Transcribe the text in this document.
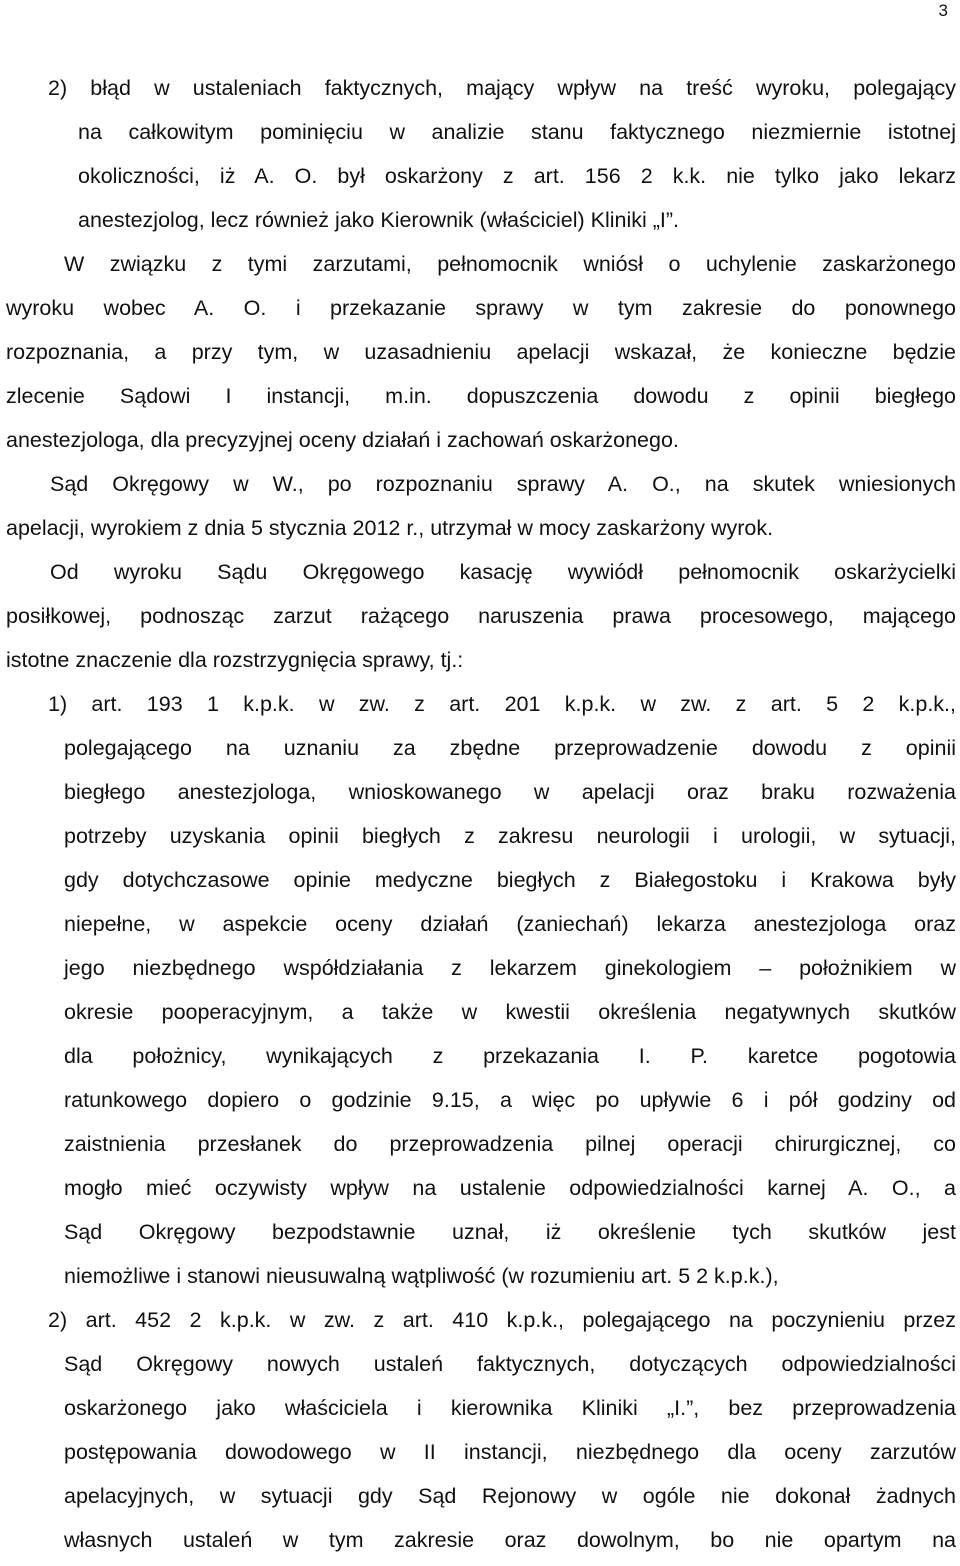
3
2) błąd w ustaleniach faktycznych, mający wpływ na treść wyroku, polegający
na całkowitym pominięciu w analizie stanu faktycznego niezmiernie istotnej
okoliczności, iż A. O. był oskarżony z art. 156 2 k.k. nie tylko jako lekarz
anestezjolog, lecz również jako Kierownik (właściciel) Kliniki „I”.
W związku z tymi zarzutami, pełnomocnik wniósł o uchylenie zaskarżonego
wyroku wobec A. O. i przekazanie sprawy w tym zakresie do ponownego
rozpoznania, a przy tym, w uzasadnieniu apelacji wskazał, że konieczne będzie
zlecenie Sądowi I instancji, m.in. dopuszczenia dowodu z opinii biegłego
anestezjologa, dla precyzyjnej oceny działań i zachowań oskarżonego.
Sąd Okręgowy w W., po rozpoznaniu sprawy A. O., na skutek wniesionych
apelacji, wyrokiem z dnia 5 stycznia 2012 r., utrzymał w mocy zaskarżony wyrok.
Od wyroku Sądu Okręgowego kasację wywiódł pełnomocnik oskarżycielki
posiłkowej, podnosząc zarzut rażącego naruszenia prawa procesowego, mającego
istotne znaczenie dla rozstrzygnięcia sprawy, tj.:
1) art. 193 1 k.p.k. w zw. z art. 201 k.p.k. w zw. z art. 5 2 k.p.k.,
polegającego na uznaniu za zbędne przeprowadzenie dowodu z opinii
biegłego anestezjologa, wnioskowanego w apelacji oraz braku rozważenia
potrzeby uzyskania opinii biegłych z zakresu neurologii i urologii, w sytuacji,
gdy dotychczasowe opinie medyczne biegłych z Białegostoku i Krakowa były
niepełne, w aspekcie oceny działań (zaniechań) lekarza anestezjologa oraz
jego niezbędnego współdziałania z lekarzem ginekologiem – położnikiem w
okresie pooperacyjnym, a także w kwestii określenia negatywnych skutków
dla położnicy, wynikających z przekazania I. P. karetce pogotowia
ratunkowego dopiero o godzinie 9.15, a więc po upływie 6 i pół godziny od
zaistnienia przesłanek do przeprowadzenia pilnej operacji chirurgicznej, co
mogło mieć oczywisty wpływ na ustalenie odpowiedzialności karnej A. O., a
Sąd Okręgowy bezpodstawnie uznał, iż określenie tych skutków jest
niemożliwe i stanowi nieusuwalną wątpliwość (w rozumieniu art. 5 2 k.p.k.),
2) art. 452 2 k.p.k. w zw. z art. 410 k.p.k., polegającego na poczynieniu przez
Sąd Okręgowy nowych ustaleń faktycznych, dotyczących odpowiedzialności
oskarżonego jako właściciela i kierownika Kliniki „I.”, bez przeprowadzenia
postępowania dowodowego w II instancji, niezbędnego dla oceny zarzutów
apelacyjnych, w sytuacji gdy Sąd Rejonowy w ogóle nie dokonał żadnych
własnych ustaleń w tym zakresie oraz dowolnym, bo nie opartym na
